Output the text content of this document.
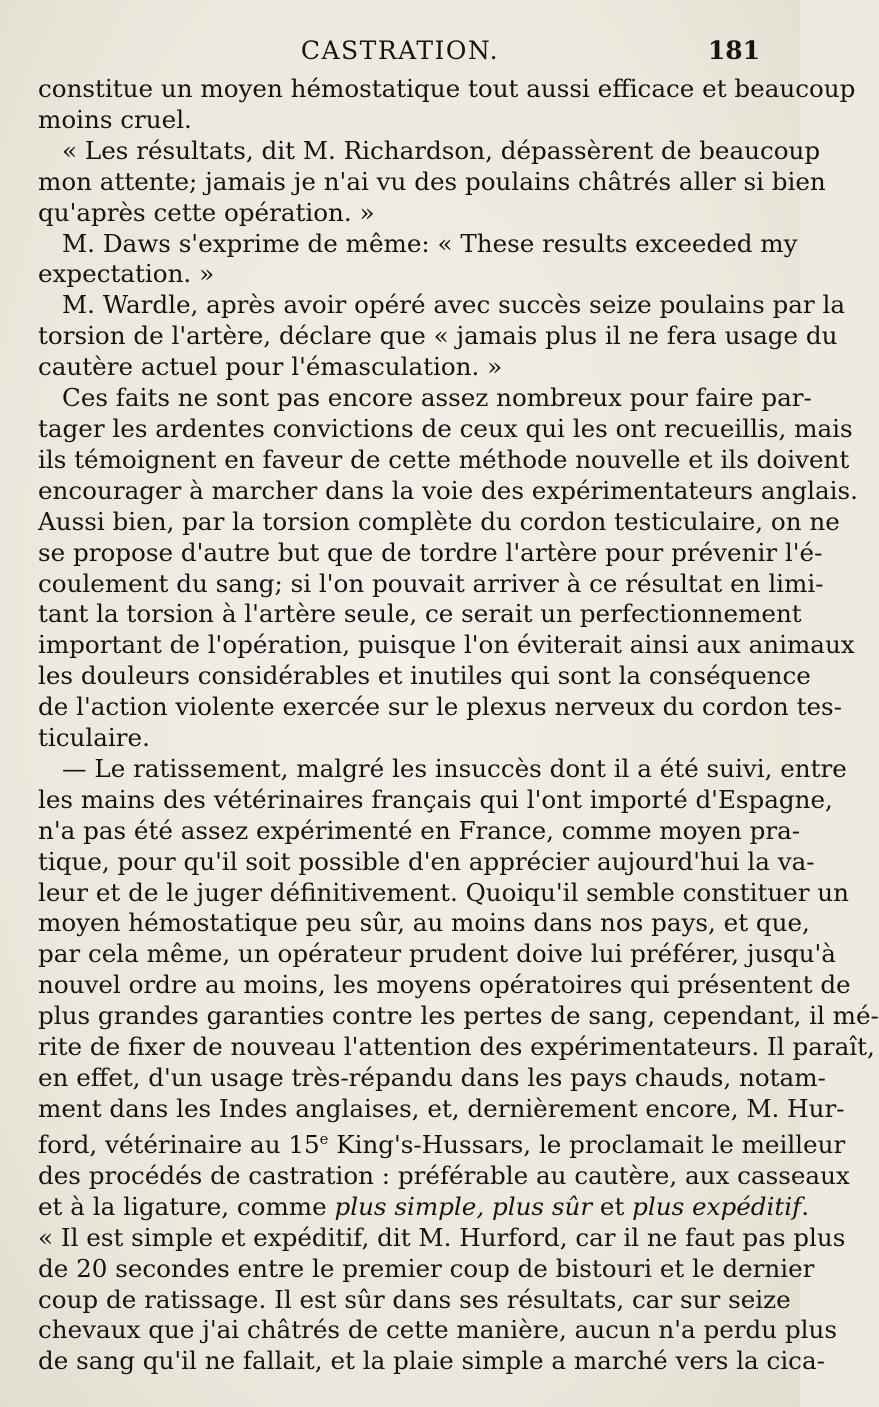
CASTRATION.	181

constitue un moyen hémostatique tout aussi efficace et beaucoup
moins cruel.

« Les résultats, dit M. Richardson, dépassèrent de beaucoup
mon attente; jamais je n'ai vu des poulains châtrés aller si bien
qu'après cette opération. »

M. Daws s'exprime de même: « These results exceeded my
expectation. »

M. Wardle, après avoir opéré avec succès seize poulains par la
torsion de l'artère, déclare que « jamais plus il ne fera usage du
cautère actuel pour l'émasculation. »

Ces faits ne sont pas encore assez nombreux pour faire par-
tager les ardentes convictions de ceux qui les ont recueillis, mais
ils témoignent en faveur de cette méthode nouvelle et ils doivent
encourager à marcher dans la voie des expérimentateurs anglais.
Aussi bien, par la torsion complète du cordon testiculaire, on ne
se propose d'autre but que de tordre l'artère pour prévenir l'é-
coulement du sang; si l'on pouvait arriver à ce résultat en limi-
tant la torsion à l'artère seule, ce serait un perfectionnement
important de l'opération, puisque l'on éviterait ainsi aux animaux
les douleurs considérables et inutiles qui sont la conséquence
de l'action violente exercée sur le plexus nerveux du cordon tes-
ticulaire.

— Le ratissement, malgré les insuccès dont il a été suivi, entre
les mains des vétérinaires français qui l'ont importé d'Espagne,
n'a pas été assez expérimenté en France, comme moyen pra-
tique, pour qu'il soit possible d'en apprécier aujourd'hui la va-
leur et de le juger définitivement. Quoiqu'il semble constituer un
moyen hémostatique peu sûr, au moins dans nos pays, et que,
par cela même, un opérateur prudent doive lui préférer, jusqu'à
nouvel ordre au moins, les moyens opératoires qui présentent de
plus grandes garanties contre les pertes de sang, cependant, il mé-
rite de fixer de nouveau l'attention des expérimentateurs. Il paraît,
en effet, d'un usage très-répandu dans les pays chauds, notam-
ment dans les Indes anglaises, et, dernièrement encore, M. Hur-
ford, vétérinaire au 15e King's-Hussars, le proclamait le meilleur
des procédés de castration : préférable au cautère, aux casseaux
et à la ligature, comme plus simple, plus sûr et plus expéditif.
« Il est simple et expéditif, dit M. Hurford, car il ne faut pas plus
de 20 secondes entre le premier coup de bistouri et le dernier
coup de ratissage. Il est sûr dans ses résultats, car sur seize
chevaux que j'ai châtrés de cette manière, aucun n'a perdu plus
de sang qu'il ne fallait, et la plaie simple a marché vers la cica-
